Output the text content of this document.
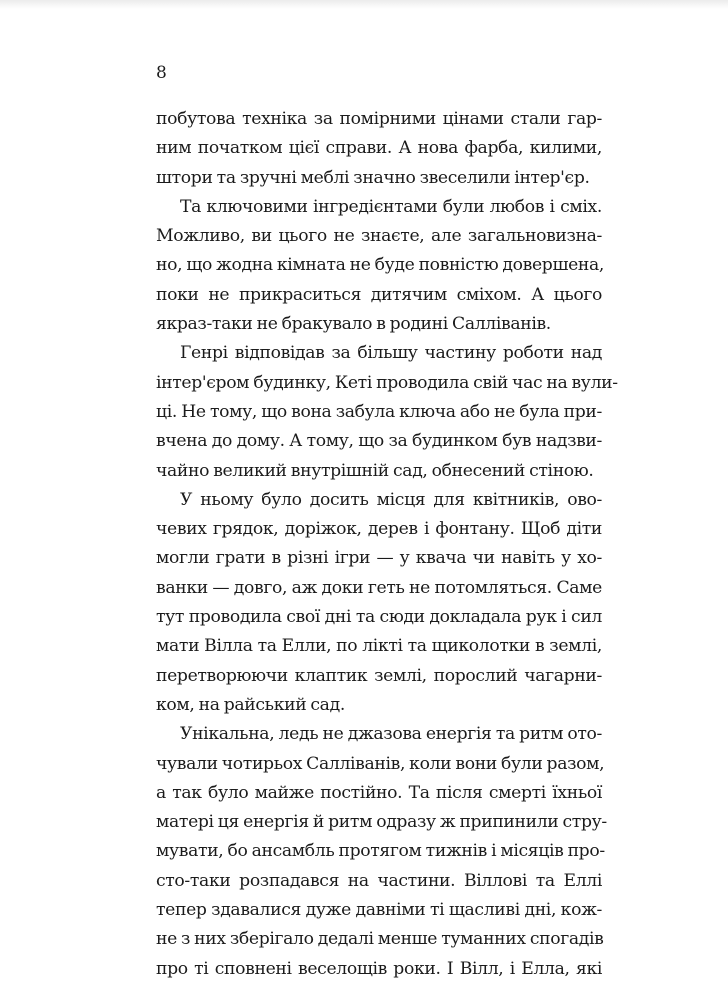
8
побутова техніка за помірними цінами стали гар-
ним початком цієї справи. А нова фарба, килими,
штори та зручні меблі значно звеселили інтер'єр.
Та ключовими інгредієнтами були любов і сміх.
Можливо, ви цього не знаєте, але загальновизна-
но, що жодна кімната не буде повністю довершена,
поки не прикраситься дитячим сміхом. А цього
якраз-таки не бракувало в родині Салліванів.
Генрі відповідав за більшу частину роботи над
інтер'єром будинку, Кеті проводила свій час на вули-
ці. Не тому, що вона забула ключа або не була при-
вчена до дому. А тому, що за будинком був надзви-
чайно великий внутрішній сад, обнесений стіною.
У ньому було досить місця для квітників, ово-
чевих грядок, доріжок, дерев і фонтану. Щоб діти
могли грати в різні ігри — у квача чи навіть у хо-
ванки — довго, аж доки геть не потомляться. Саме
тут проводила свої дні та сюди докладала рук і сил
мати Вілла та Елли, по лікті та щиколотки в землі,
перетворюючи клаптик землі, порослий чагарни-
ком, на райський сад.
Унікальна, ледь не джазова енергія та ритм ото-
чували чотирьох Салліванів, коли вони були разом,
а так було майже постійно. Та після смерті їхньої
матері ця енергія й ритм одразу ж припинили стру-
мувати, бо ансамбль протягом тижнів і місяців про-
сто-таки розпадався на частини. Віллові та Еллі
тепер здавалися дуже давніми ті щасливі дні, кож-
не з них зберігало дедалі менше туманних спогадів
про ті сповнені веселощів роки. І Вілл, і Елла, які
